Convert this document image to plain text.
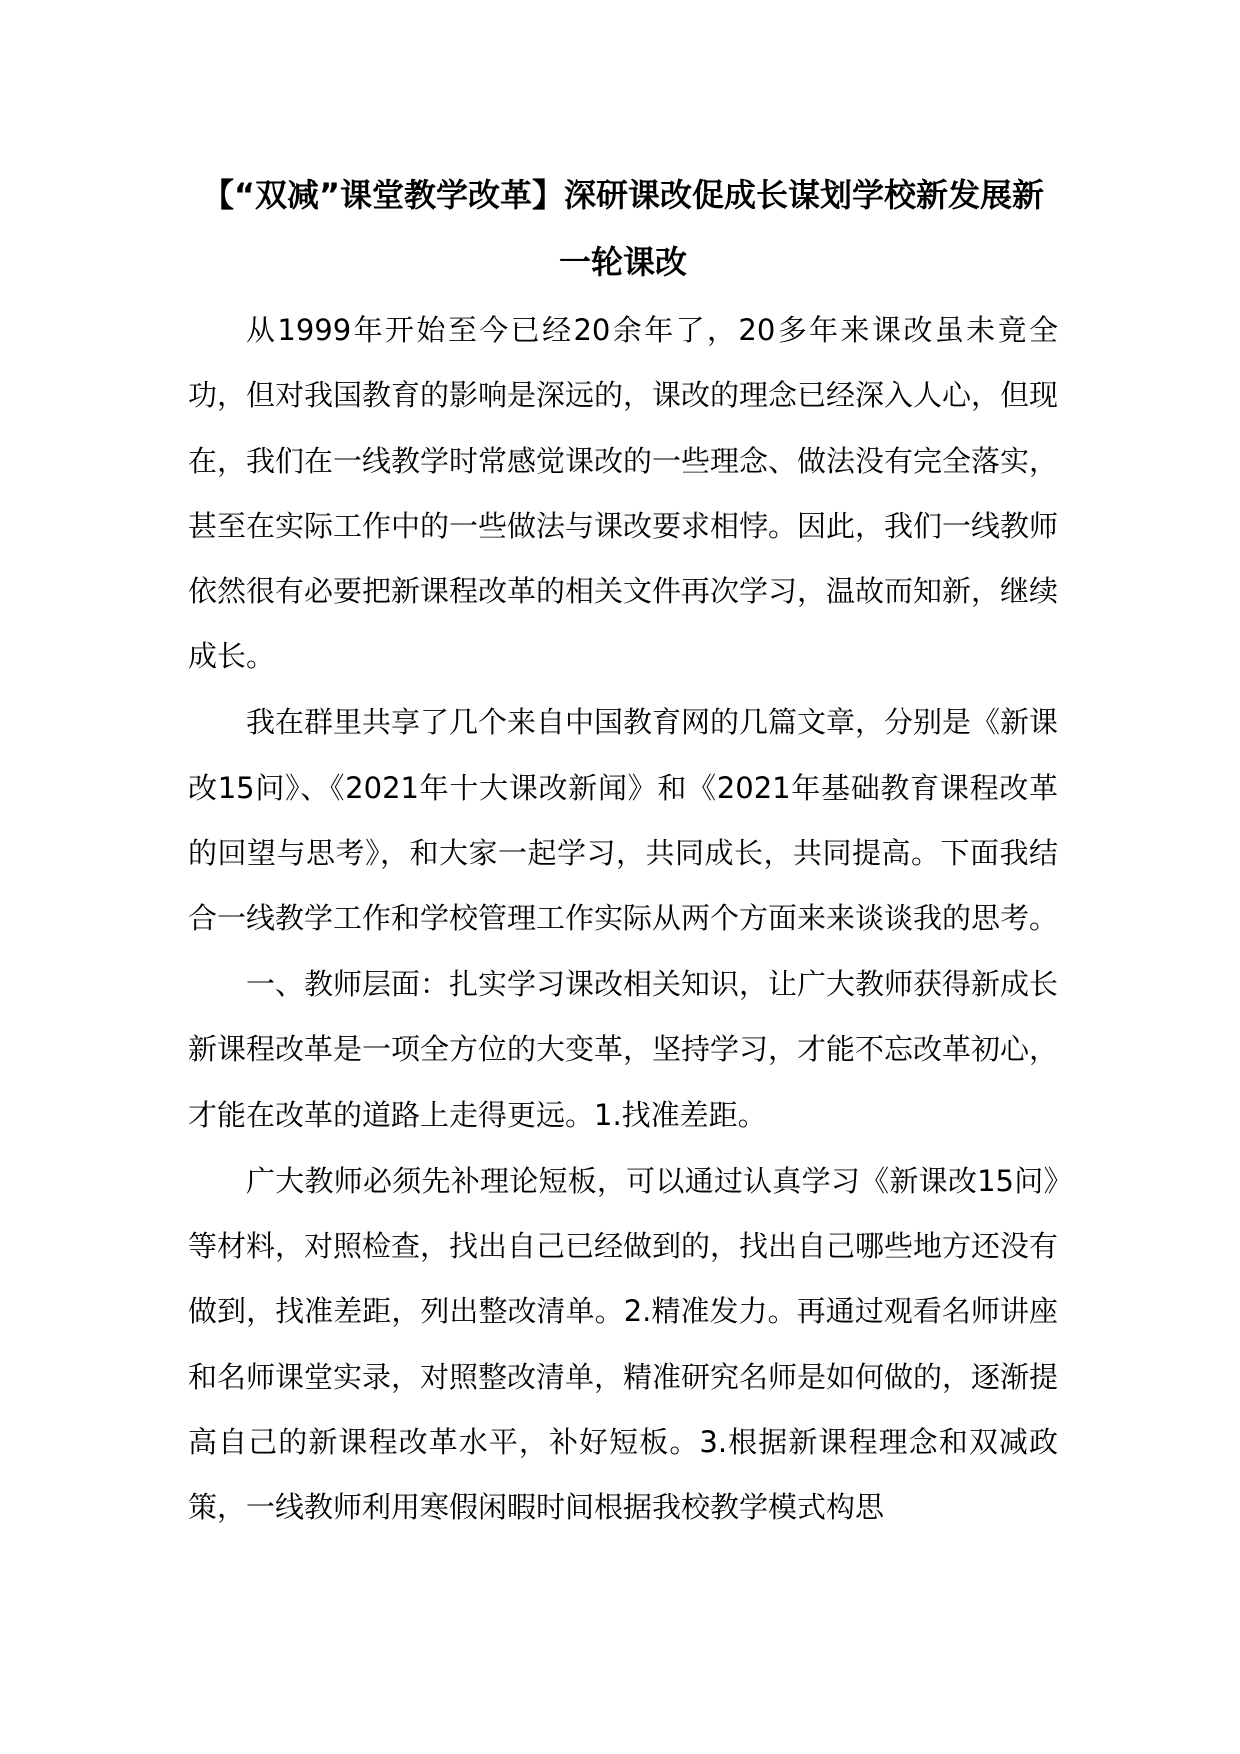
【“双减”课堂教学改革】深研课改促成长谋划学校新发展新一轮课改

从1999年开始至今已经20余年了，20多年来课改虽未竟全功，但对我国教育的影响是深远的，课改的理念已经深入人心，但现在，我们在一线教学时常感觉课改的一些理念、做法没有完全落实，甚至在实际工作中的一些做法与课改要求相悖。因此，我们一线教师依然很有必要把新课程改革的相关文件再次学习，温故而知新，继续成长。

我在群里共享了几个来自中国教育网的几篇文章，分别是《新课改15问》、《2021年十大课改新闻》和《2021年基础教育课程改革的回望与思考》，和大家一起学习，共同成长，共同提高。下面我结合一线教学工作和学校管理工作实际从两个方面来来谈谈我的思考。

一、教师层面：扎实学习课改相关知识，让广大教师获得新成长新课程改革是一项全方位的大变革，坚持学习，才能不忘改革初心，才能在改革的道路上走得更远。1.找准差距。

广大教师必须先补理论短板，可以通过认真学习《新课改15问》等材料，对照检查，找出自己已经做到的，找出自己哪些地方还没有做到，找准差距，列出整改清单。2.精准发力。再通过观看名师讲座和名师课堂实录，对照整改清单，精准研究名师是如何做的，逐渐提高自己的新课程改革水平，补好短板。3.根据新课程理念和双减政策，一线教师利用寒假闲暇时间根据我校教学模式构思
